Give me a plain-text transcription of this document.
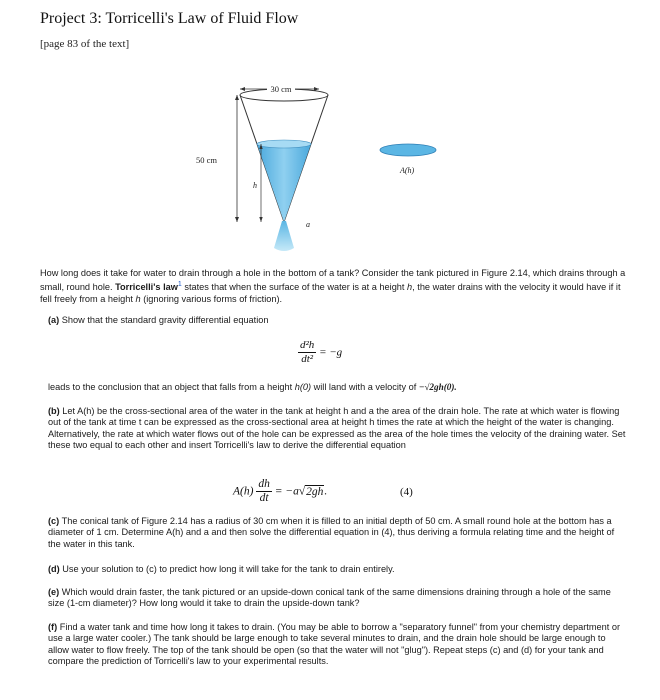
Project 3: Torricelli's Law of Fluid Flow
[page 83 of the text]
30 cm
50 cm
h
a
A(h)
How long does it take for water to drain through a hole in the bottom of a tank? Consider the tank pictured in Figure 2.14, which drains through a small, round hole. Torricelli's law$^1$ states that when the surface of the water is at a height h, the water drains with the velocity it would have if it fell freely from a height h (ignoring various forms of friction).
(a) Show that the standard gravity differential equation
$\frac{\text{d²h}}{\text{dt²}} = -g$
leads to the conclusion that an object that falls from a height h(0) will land with a velocity of −√2gh(0).
(b) Let A(h) be the cross-sectional area of the water in the tank at height h and a the area of the drain hole. The rate at which water is flowing out of the tank at time t can be expressed as the cross-sectional area at height h times the rate at which the height of the water is changing. Alternatively, the rate at which water flows out of the hole can be expressed as the area of the hole times the velocity of the draining water. Set these two equal to each other and insert Torricelli's law to derive the differential equation
$A(h) \frac{dh}{dt} = -a√2gh$.	(4)
(c) The conical tank of Figure 2.14 has a radius of 30 cm when it is filled to an initial depth of 50 cm. A small round hole at the bottom has a diameter of 1 cm. Determine A(h) and a and then solve the differential equation in (4), thus deriving a formula relating time and the height of the water in this tank.
(d) Use your solution to (c) to predict how long it will take for the tank to drain entirely.
(e) Which would drain faster, the tank pictured or an upside-down conical tank of the same dimensions draining through a hole of the same size (1-cm diameter)? How long would it take to drain the upside-down tank?
(f) Find a water tank and time how long it takes to drain. (You may be able to borrow a "separatory funnel" from your chemistry department or use a large water cooler.) The tank should be large enough to take several minutes to drain, and the drain hole should be large enough to allow water to flow freely. The top of the tank should be open (so that the water will not "glug"). Repeat steps (c) and (d) for your tank and compare the prediction of Torricelli's law to your experimental results.
